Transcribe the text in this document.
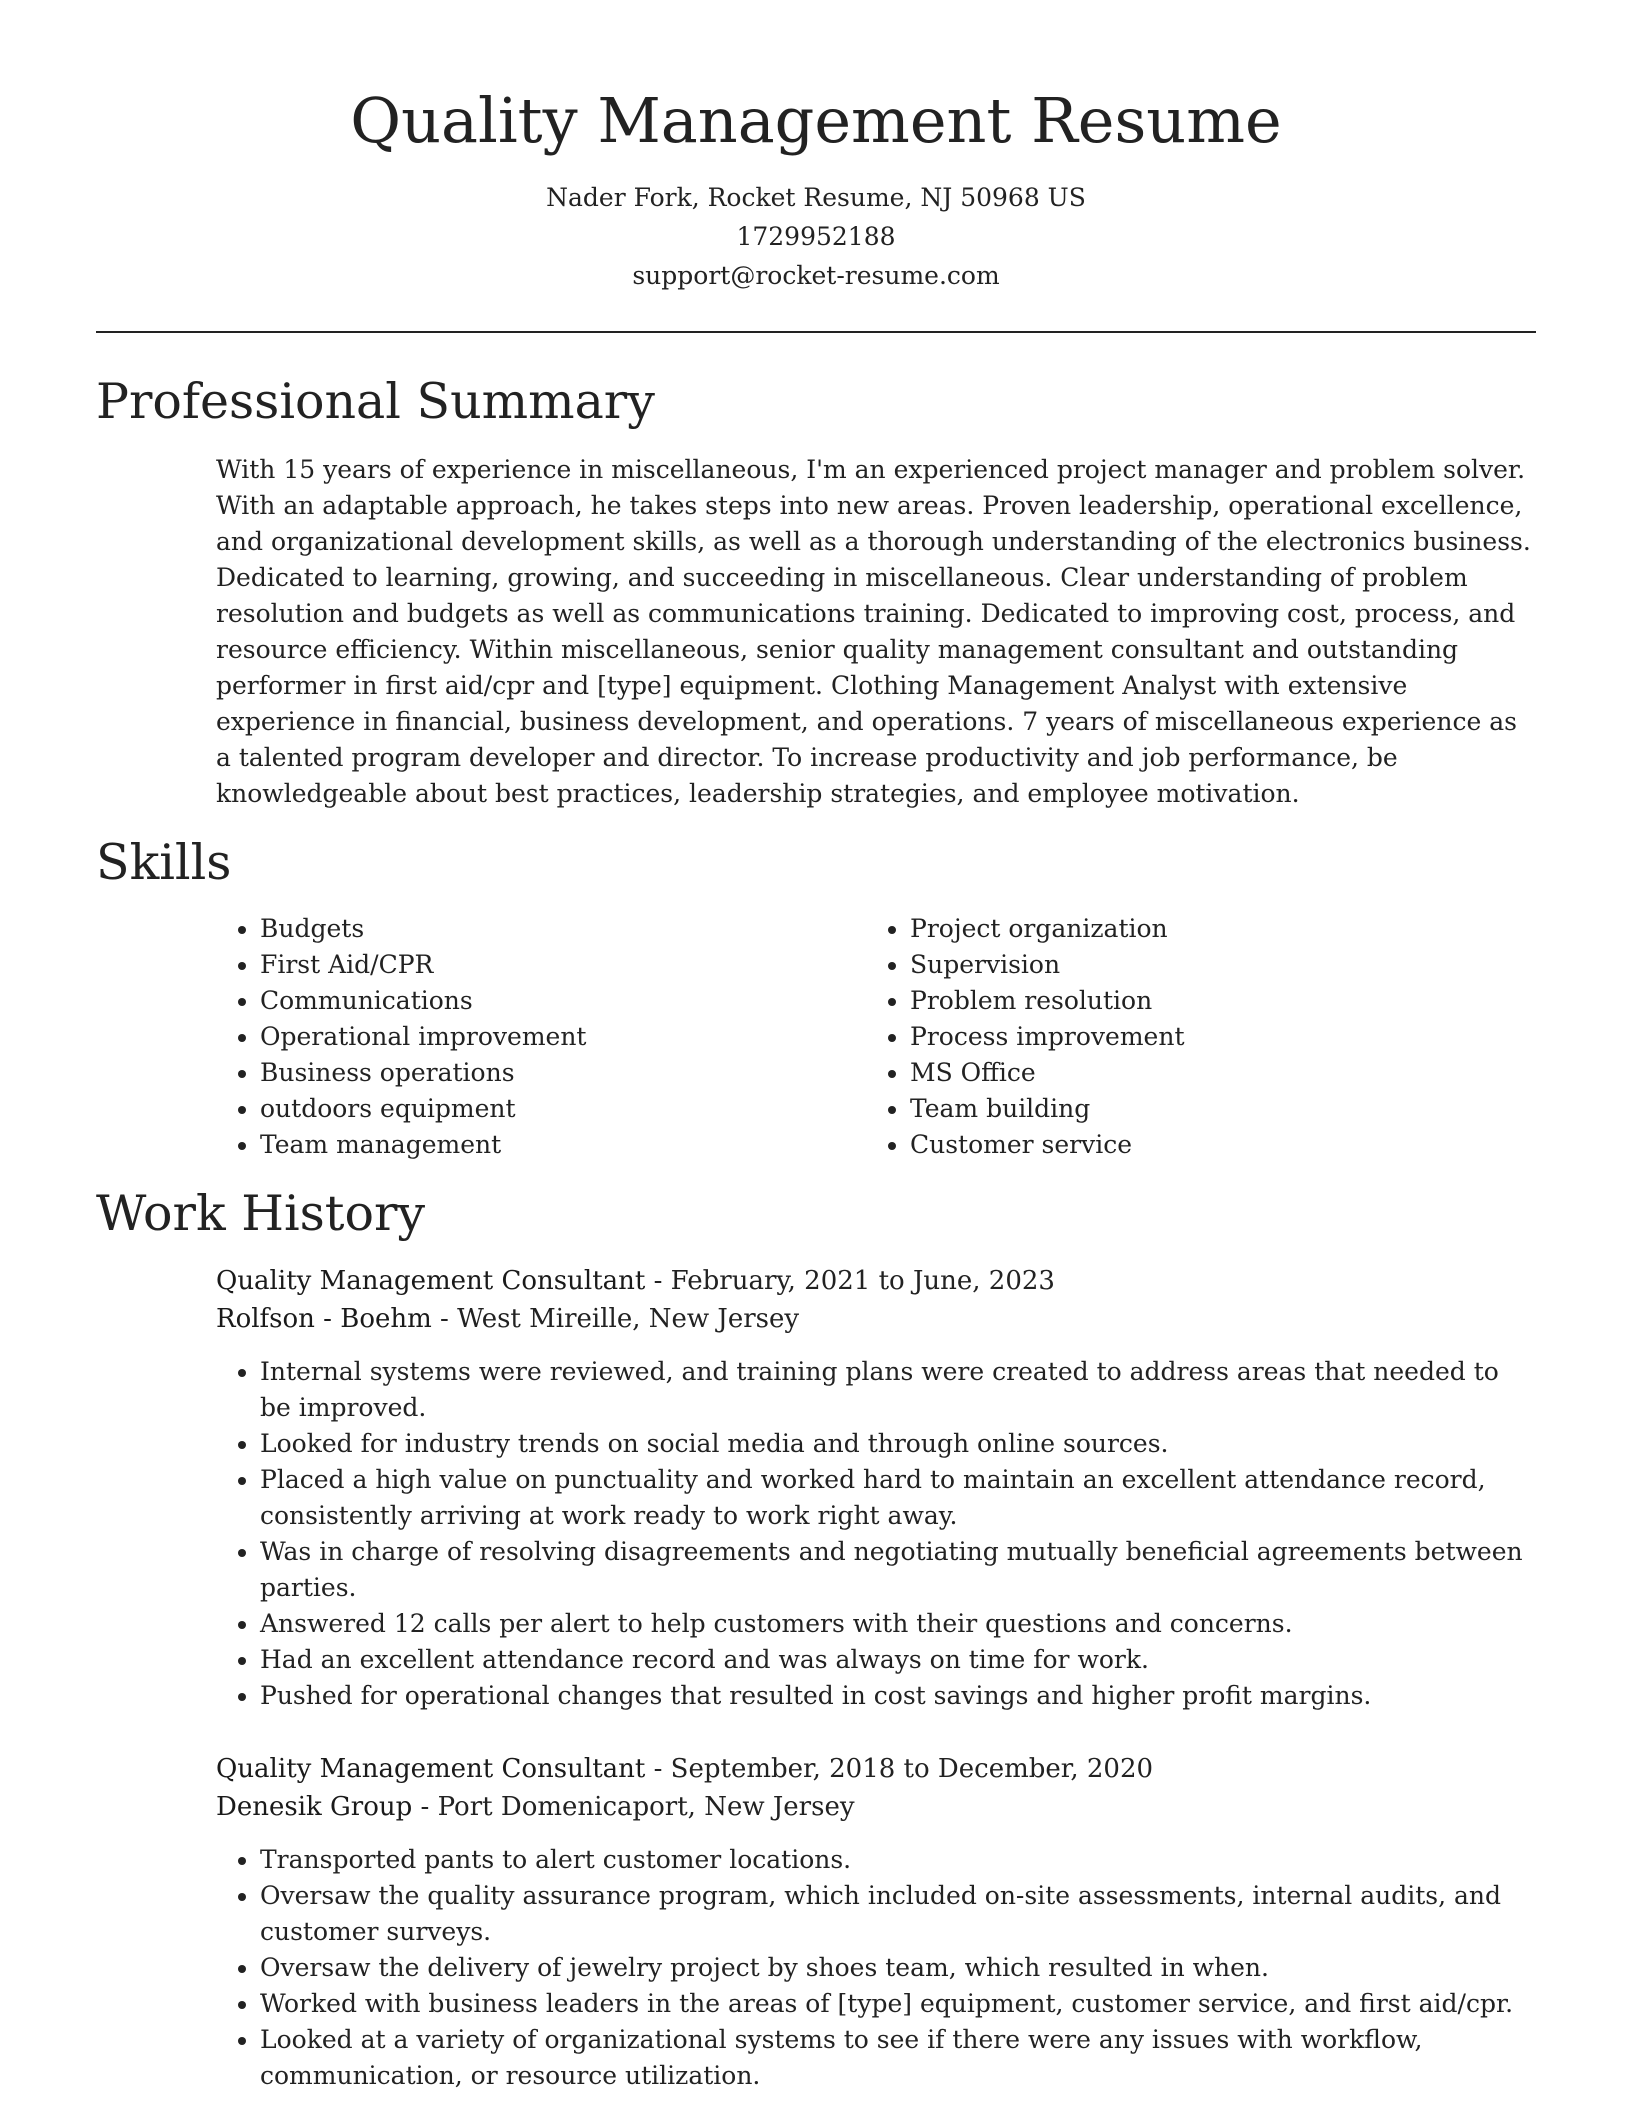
Quality Management Resume
Nader Fork, Rocket Resume, NJ 50968 US
1729952188
support@rocket-resume.com
Professional Summary
With 15 years of experience in miscellaneous, I'm an experienced project manager and problem solver. With an adaptable approach, he takes steps into new areas. Proven leadership, operational excellence, and organizational development skills, as well as a thorough understanding of the electronics business. Dedicated to learning, growing, and succeeding in miscellaneous. Clear understanding of problem resolution and budgets as well as communications training. Dedicated to improving cost, process, and resource efficiency. Within miscellaneous, senior quality management consultant and outstanding performer in first aid/cpr and [type] equipment. Clothing Management Analyst with extensive experience in financial, business development, and operations. 7 years of miscellaneous experience as a talented program developer and director. To increase productivity and job performance, be knowledgeable about best practices, leadership strategies, and employee motivation.
Skills
• Budgets
• First Aid/CPR
• Communications
• Operational improvement
• Business operations
• outdoors equipment
• Team management
• Project organization
• Supervision
• Problem resolution
• Process improvement
• MS Office
• Team building
• Customer service
Work History
Quality Management Consultant - February, 2021 to June, 2023
Rolfson - Boehm - West Mireille, New Jersey
• Internal systems were reviewed, and training plans were created to address areas that needed to be improved.
• Looked for industry trends on social media and through online sources.
• Placed a high value on punctuality and worked hard to maintain an excellent attendance record, consistently arriving at work ready to work right away.
• Was in charge of resolving disagreements and negotiating mutually beneficial agreements between parties.
• Answered 12 calls per alert to help customers with their questions and concerns.
• Had an excellent attendance record and was always on time for work.
• Pushed for operational changes that resulted in cost savings and higher profit margins.
Quality Management Consultant - September, 2018 to December, 2020
Denesik Group - Port Domenicaport, New Jersey
• Transported pants to alert customer locations.
• Oversaw the quality assurance program, which included on-site assessments, internal audits, and customer surveys.
• Oversaw the delivery of jewelry project by shoes team, which resulted in when.
• Worked with business leaders in the areas of [type] equipment, customer service, and first aid/cpr.
• Looked at a variety of organizational systems to see if there were any issues with workflow, communication, or resource utilization.
